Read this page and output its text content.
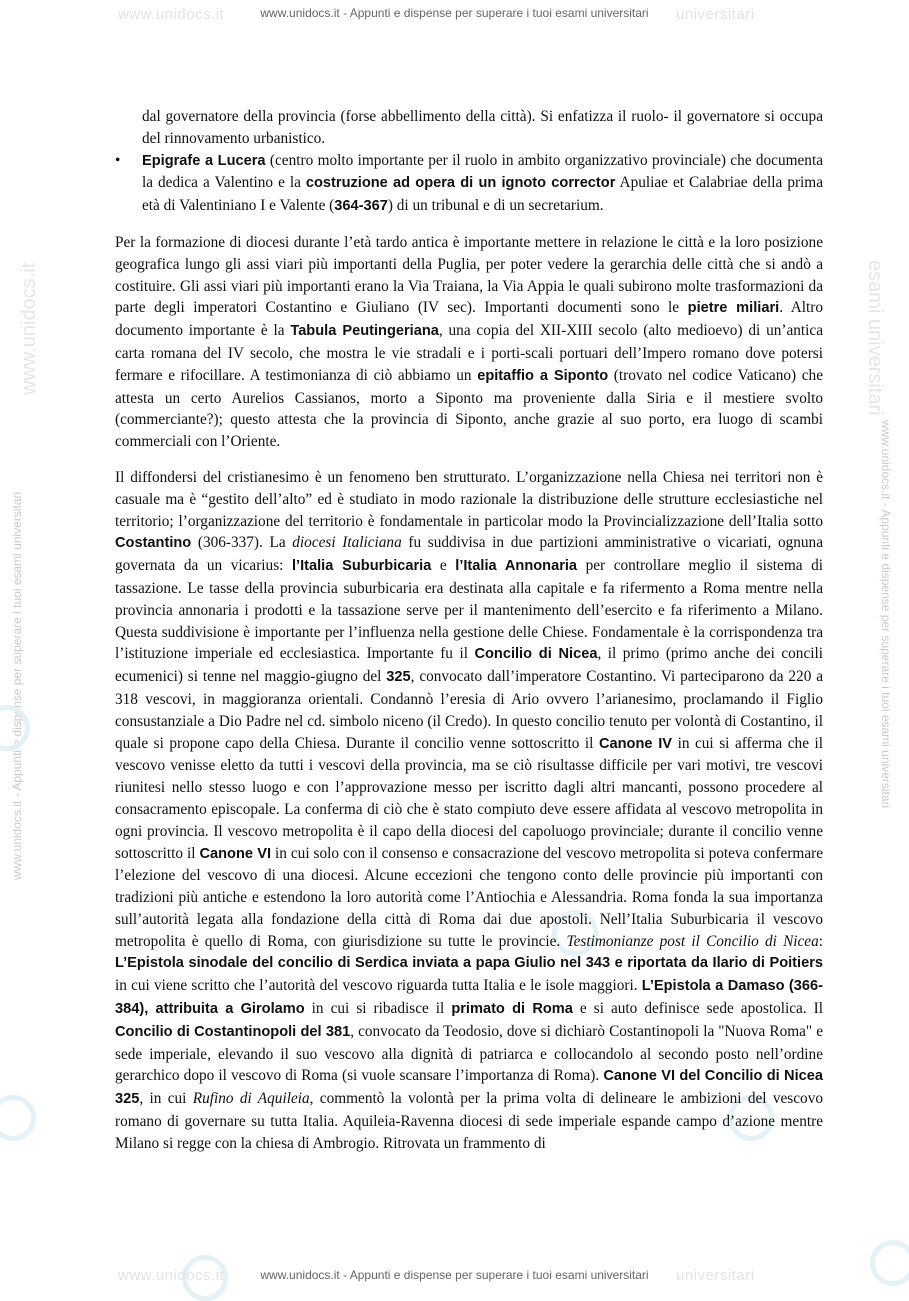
www.unidocs.it	universitari
www.unidocs.it - Appunti e dispense per superare i tuoi esami universitari
www.unidocs.it	esami universitari
www.unidocs.it - Appunti e dispense per superare i tuoi esami universitari	www.unidocs.it - Appunti e dispense per superare i tuoi esami universitari
dal governatore della provincia (forse abbellimento della città). Si enfatizza il ruolo- il governatore si occupa del rinnovamento urbanistico.
• Epigrafe a Lucera (centro molto importante per il ruolo in ambito organizzativo provinciale) che documenta la dedica a Valentino e la costruzione ad opera di un ignoto corrector Apuliae et Calabriae della prima età di Valentiniano I e Valente (364-367) di un tribunal e di un secretarium.

Per la formazione di diocesi durante l’età tardo antica è importante mettere in relazione le città e la loro posizione geografica lungo gli assi viari più importanti della Puglia, per poter vedere la gerarchia delle città che si andò a costituire. Gli assi viari più importanti erano la Via Traiana, la Via Appia le quali subirono molte trasformazioni da parte degli imperatori Costantino e Giuliano (IV sec). Importanti documenti sono le pietre miliari. Altro documento importante è la Tabula Peutingeriana, una copia del XII-XIII secolo (alto medioevo) di un’antica carta romana del IV secolo, che mostra le vie stradali e i porti-scali portuari dell’Impero romano dove potersi fermare e rifocillare. A testimonianza di ciò abbiamo un epitaffio a Siponto (trovato nel codice Vaticano) che attesta un certo Aurelios Cassianos, morto a Siponto ma proveniente dalla Siria e il mestiere svolto (commerciante?); questo attesta che la provincia di Siponto, anche grazie al suo porto, era luogo di scambi commerciali con l’Oriente.

Il diffondersi del cristianesimo è un fenomeno ben strutturato. L’organizzazione nella Chiesa nei territori non è casuale ma è “gestito dell’alto” ed è studiato in modo razionale la distribuzione delle strutture ecclesiastiche nel territorio; l’organizzazione del territorio è fondamentale in particolar modo la Provincializzazione dell’Italia sotto Costantino (306-337). La diocesi Italiciana fu suddivisa in due partizioni amministrative o vicariati, ognuna governata da un vicarius: l’Italia Suburbicaria e l’Italia Annonaria per controllare meglio il sistema di tassazione. Le tasse della provincia suburbicaria era destinata alla capitale e fa rifermento a Roma mentre nella provincia annonaria i prodotti e la tassazione serve per il mantenimento dell’esercito e fa riferimento a Milano. Questa suddivisione è importante per l’influenza nella gestione delle Chiese. Fondamentale è la corrispondenza tra l’istituzione imperiale ed ecclesiastica. Importante fu il Concilio di Nicea, il primo (primo anche dei concili ecumenici) si tenne nel maggio-giugno del 325, convocato dall’imperatore Costantino. Vi parteciparono da 220 a 318 vescovi, in maggioranza orientali. Condannò l’eresia di Ario ovvero l’arianesimo, proclamando il Figlio consustanziale a Dio Padre nel cd. simbolo niceno (il Credo). In questo concilio tenuto per volontà di Costantino, il quale si propone capo della Chiesa. Durante il concilio venne sottoscritto il Canone IV in cui si afferma che il vescovo venisse eletto da tutti i vescovi della provincia, ma se ciò risultasse difficile per vari motivi, tre vescovi riunitesi nello stesso luogo e con l’approvazione messo per iscritto dagli altri mancanti, possono procedere al consacramento episcopale. La conferma di ciò che è stato compiuto deve essere affidata al vescovo metropolita in ogni provincia. Il vescovo metropolita è il capo della diocesi del capoluogo provinciale; durante il concilio venne sottoscritto il Canone VI in cui solo con il consenso e consacrazione del vescovo metropolita si poteva confermare l’elezione del vescovo di una diocesi. Alcune eccezioni che tengono conto delle provincie più importanti con tradizioni più antiche e estendono la loro autorità come l’Antiochia e Alessandria. Roma fonda la sua importanza sull’autorità legata alla fondazione della città di Roma dai due apostoli. Nell’Italia Suburbicaria il vescovo metropolita è quello di Roma, con giurisdizione su tutte le provincie. Testimonianze post il Concilio di Nicea: L’Epistola sinodale del concilio di Serdica inviata a papa Giulio nel 343 e riportata da Ilario di Poitiers in cui viene scritto che l’autorità del vescovo riguarda tutta Italia e le isole maggiori. L’Epistola a Damaso (366-384), attribuita a Girolamo in cui si ribadisce il primato di Roma e si auto definisce sede apostolica. Il Concilio di Costantinopoli del 381, convocato da Teodosio, dove si dichiarò Costantinopoli la "Nuova Roma" e sede imperiale, elevando il suo vescovo alla dignità di patriarca e collocandolo al secondo posto nell’ordine gerarchico dopo il vescovo di Roma (si vuole scansare l’importanza di Roma). Canone VI del Concilio di Nicea 325, in cui Rufino di Aquileia, commentò la volontà per la prima volta di delineare le ambizioni del vescovo romano di governare su tutta Italia. Aquileia-Ravenna diocesi di sede imperiale espande campo d’azione mentre Milano si regge con la chiesa di Ambrogio. Ritrovata un frammento di

www.unidocs.it	universitari
www.unidocs.it - Appunti e dispense per superare i tuoi esami universitari
